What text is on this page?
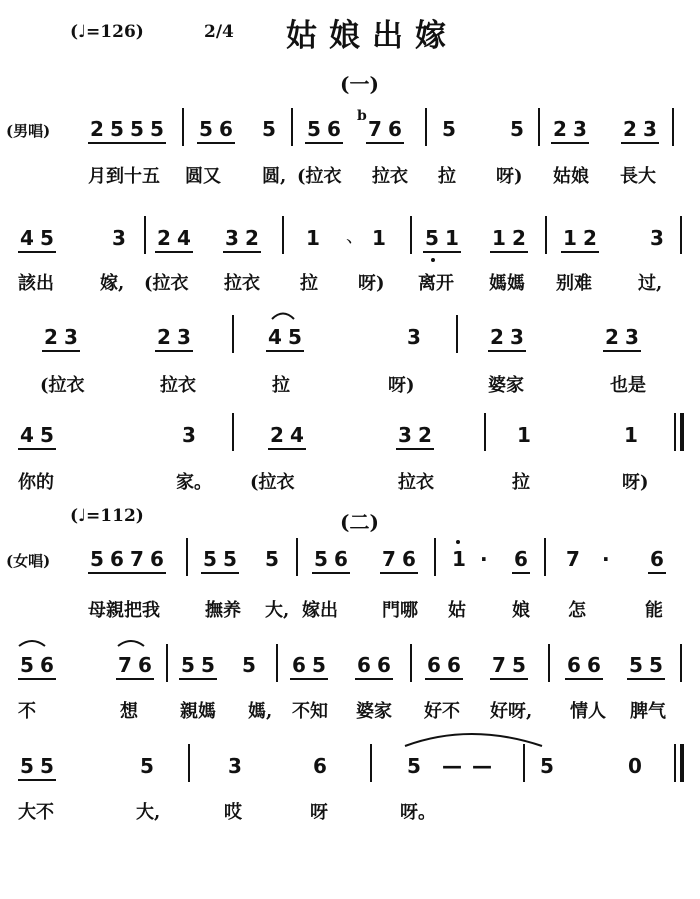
(♩=126)	2/4 姑娘出嫁
(一)
(男唱) 2 5 5 5 5 6 5 5 6
b
7 6 5	5 2 3 2 3
月到十五 圆又 圆, (拉衣 拉衣 拉 呀) 姑娘 長大
4 5	3 2 4 3 2 1 、 1 5 1 1 2 1 2	3
該出	嫁, (拉衣 拉衣 拉 呀) 离开 媽媽 别难	过,
2 3	2 3	4 5	3	2 3	2 3
(拉衣	拉衣	拉	呀)	婆家	也是
4 5	3	2 4	3 2	1	1
你的	家。 (拉衣	拉衣	拉	呀)
(♩=112)	(二)
(女唱) 5 6 7 6 5 5 5 5 6 7 6 1 · 6 7 · 6
母親把我	撫养 大, 嫁出 門哪 姑	娘 怎	能
5 6	7 6 5 5 5 6 5 6 6 6 6 7 5 6 6 5 5
不	想 親媽 媽, 不知 婆家 好不 好呀, 情人 脾气
5 5	5	3	6	5 — — 5	0
大不	大,	哎	呀	呀。
